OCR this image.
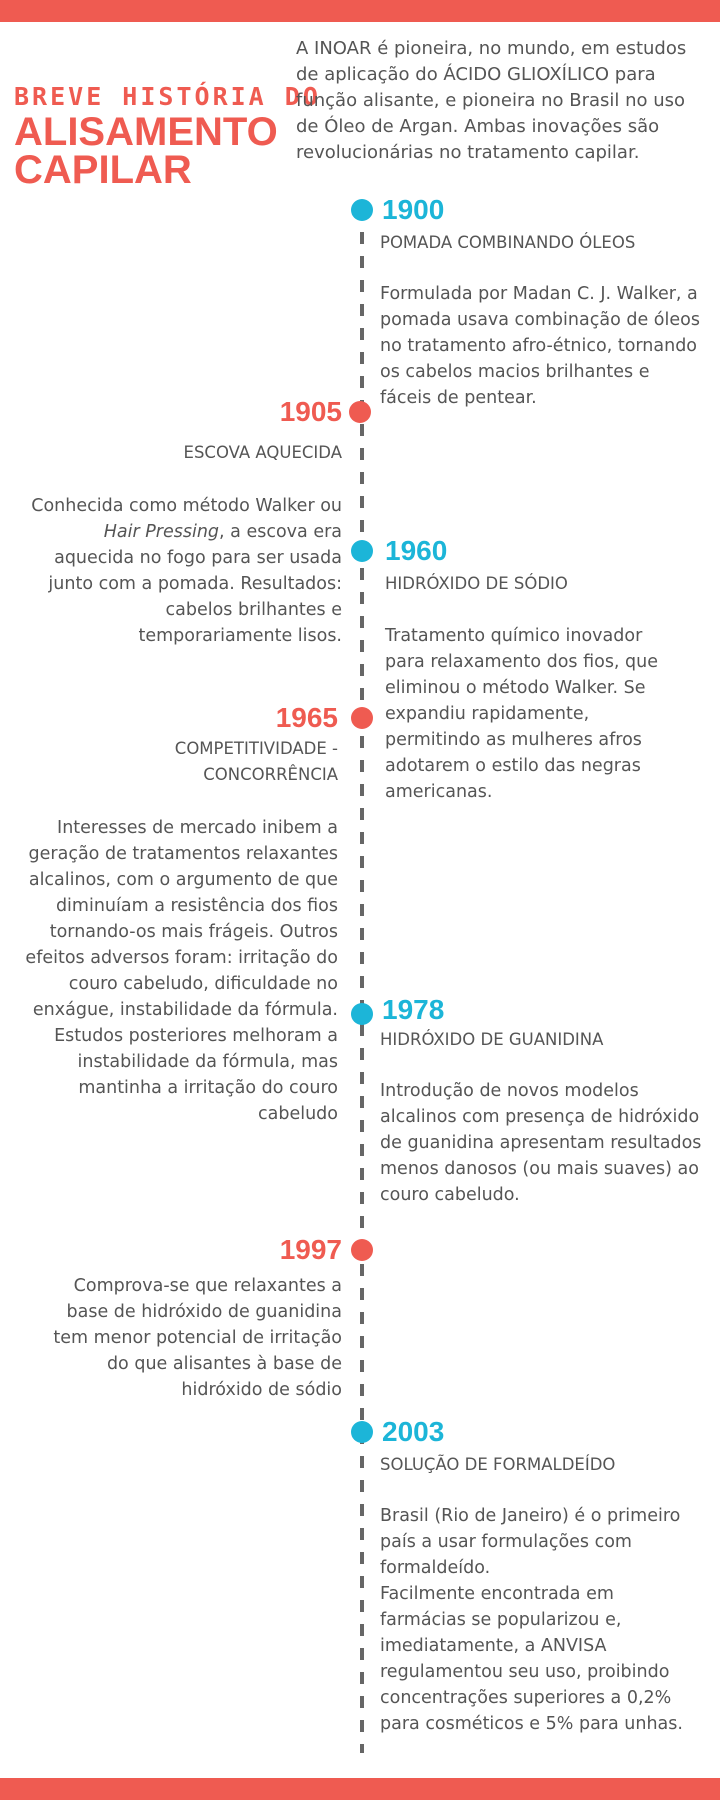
BREVE HISTÓRIA DO
ALISAMENTO CAPILAR
A INOAR é pioneira, no mundo, em estudos de aplicação do ÁCIDO GLIOXÍLICO para função alisante, e pioneira no Brasil no uso de Óleo de Argan. Ambas inovações são revolucionárias no tratamento capilar.
1900
POMADA COMBINANDO ÓLEOS
Formulada por Madan C. J. Walker, a pomada usava combinação de óleos no tratamento afro-étnico, tornando os cabelos macios brilhantes e fáceis de pentear.
1905
ESCOVA AQUECIDA
Conhecida como método Walker ou Hair Pressing, a escova era aquecida no fogo para ser usada junto com a pomada. Resultados: cabelos brilhantes e temporariamente lisos.
1960
HIDRÓXIDO DE SÓDIO
Tratamento químico inovador para relaxamento dos fios, que eliminou o método Walker. Se expandiu rapidamente, permitindo as mulheres afros adotarem o estilo das negras americanas.
1965
COMPETITIVIDADE - CONCORRÊNCIA
Interesses de mercado inibem a geração de tratamentos relaxantes alcalinos, com o argumento de que diminuíam a resistência dos fios tornando-os mais frágeis. Outros efeitos adversos foram: irritação do couro cabeludo, dificuldade no enxágue, instabilidade da fórmula. Estudos posteriores melhoram a instabilidade da fórmula, mas mantinha a irritação do couro cabeludo
1978
HIDRÓXIDO DE GUANIDINA
Introdução de novos modelos alcalinos com presença de hidróxido de guanidina apresentam resultados menos danosos (ou mais suaves) ao couro cabeludo.
1997
Comprova-se que relaxantes a base de hidróxido de guanidina tem menor potencial de irritação do que alisantes à base de hidróxido de sódio
2003
SOLUÇÃO DE FORMALDEÍDO
Brasil (Rio de Janeiro) é o primeiro país a usar formulações com formaldeído.
Facilmente encontrada em farmácias se popularizou e, imediatamente, a ANVISA regulamentou seu uso, proibindo concentrações superiores a 0,2% para cosméticos e 5% para unhas.
